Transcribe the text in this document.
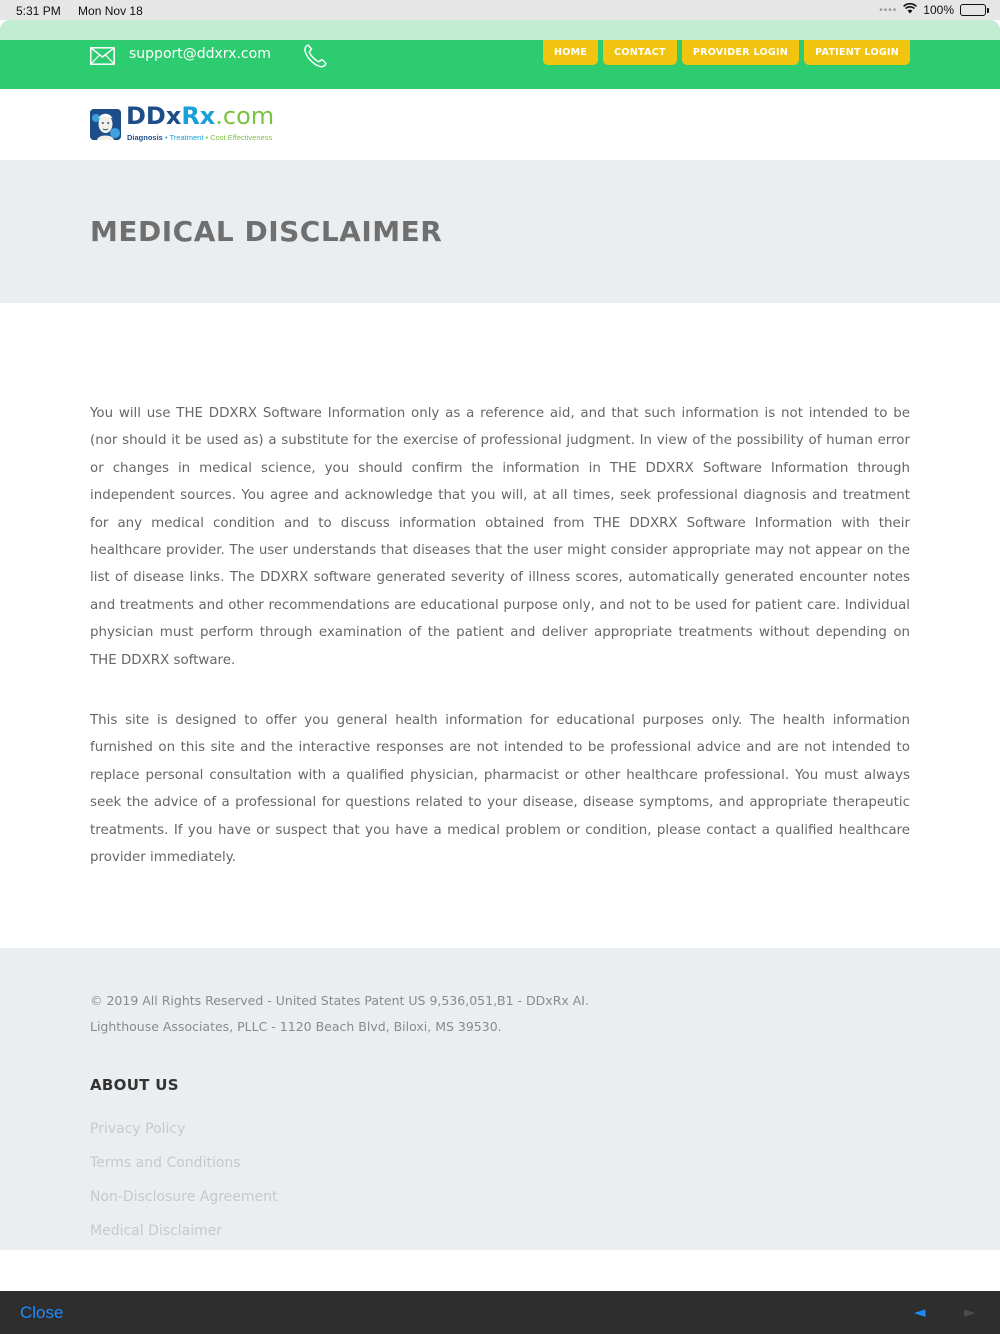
5:31 PM Mon Nov 18	•••• 100%
support@ddxrx.com	HOME	CONTACT	PROVIDER LOGIN	PATIENT LOGIN
DDxRx.com
Diagnosis • Treatment • Cost Effectiveness
MEDICAL DISCLAIMER

You will use THE DDXRX Software Information only as a reference aid, and that such information is not intended to be (nor should it be used as) a substitute for the exercise of professional judgment. In view of the possibility of human error or changes in medical science, you should confirm the information in THE DDXRX Software Information through independent sources. You agree and acknowledge that you will, at all times, seek professional diagnosis and treatment for any medical condition and to discuss information obtained from THE DDXRX Software Information with their healthcare provider. The user understands that diseases that the user might consider appropriate may not appear on the list of disease links. The DDXRX software generated severity of illness scores, automatically generated encounter notes and treatments and other recommendations are educational purpose only, and not to be used for patient care. Individual physician must perform through examination of the patient and deliver appropriate treatments without depending on THE DDXRX software.

This site is designed to offer you general health information for educational purposes only. The health information furnished on this site and the interactive responses are not intended to be professional advice and are not intended to replace personal consultation with a qualified physician, pharmacist or other healthcare professional. You must always seek the advice of a professional for questions related to your disease, disease symptoms, and appropriate therapeutic treatments. If you have or suspect that you have a medical problem or condition, please contact a qualified healthcare provider immediately.

© 2019 All Rights Reserved - United States Patent US 9,536,051,B1 - DDxRx AI.
Lighthouse Associates, PLLC - 1120 Beach Blvd, Biloxi, MS 39530.
ABOUT US
Privacy Policy
Terms and Conditions
Non-Disclosure Agreement
Medical Disclaimer
Close	◄	►
